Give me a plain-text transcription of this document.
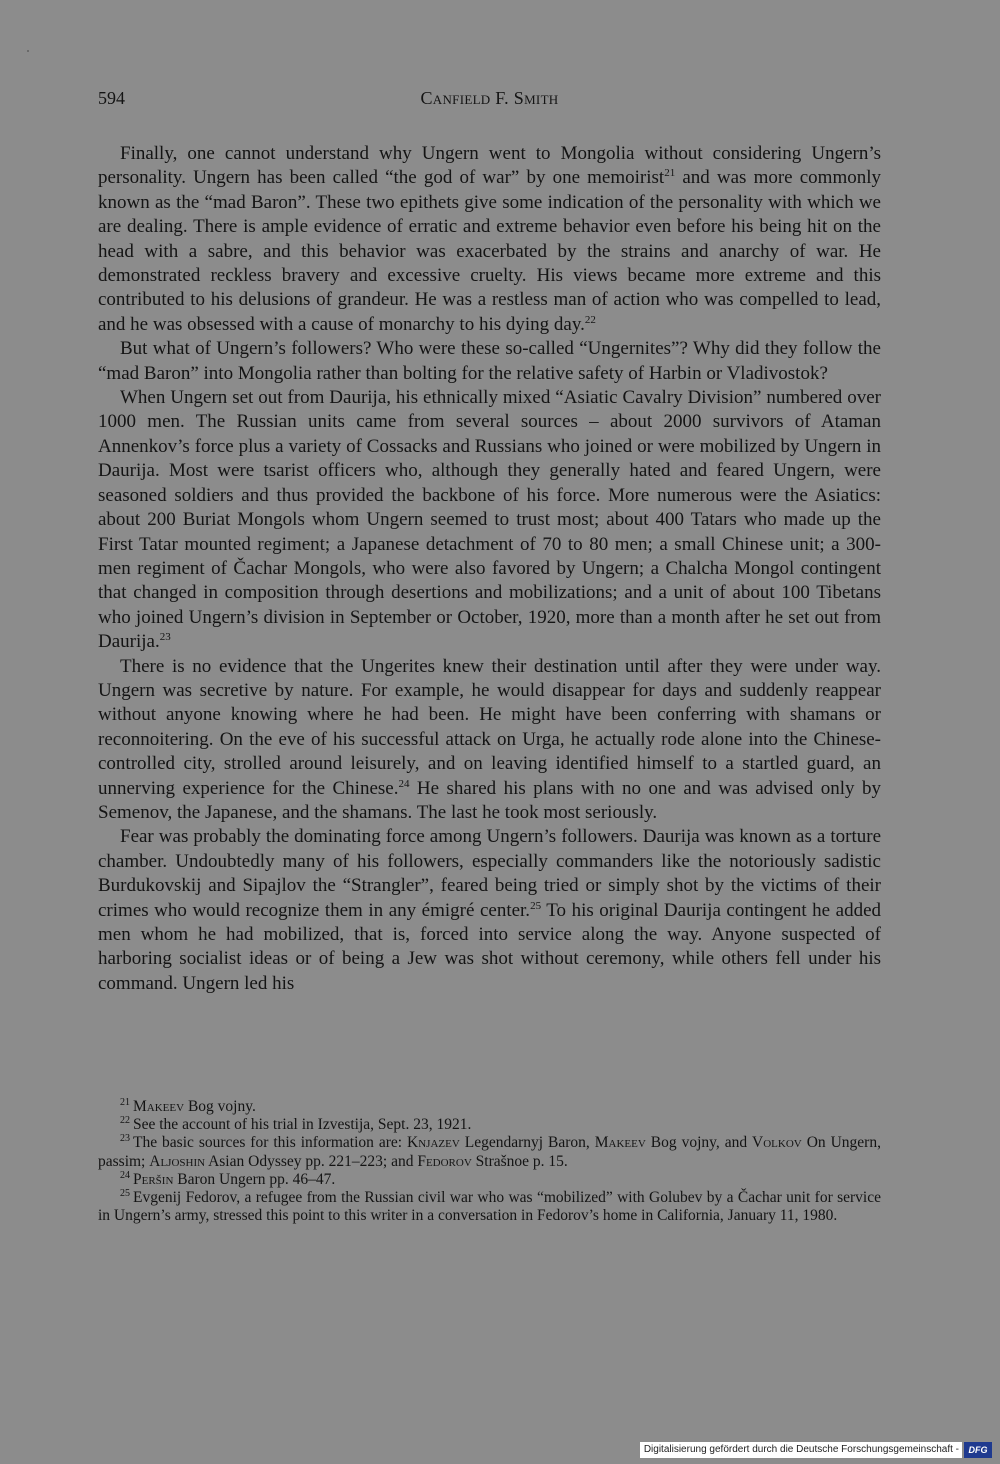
594	Canfield F. Smith

Finally, one cannot understand why Ungern went to Mongolia without considering Ungern’s personality. Ungern has been called “the god of war” by one memoirist$^{21}$ and was more commonly known as the “mad Baron”. These two epithets give some indication of the personality with which we are dealing. There is ample evidence of erratic and extreme behavior even before his being hit on the head with a sabre, and this behavior was exacerbated by the strains and anarchy of war. He demonstrated reckless bravery and excessive cruelty. His views became more extreme and this contributed to his delusions of grandeur. He was a restless man of action who was compelled to lead, and he was obsessed with a cause of monarchy to his dying day.$^{22}$

But what of Ungern’s followers? Who were these so-called “Ungernites”? Why did they follow the “mad Baron” into Mongolia rather than bolting for the relative safety of Harbin or Vladivostok?

When Ungern set out from Daurija, his ethnically mixed “Asiatic Cavalry Division” numbered over 1000 men. The Russian units came from several sources – about 2000 survivors of Ataman Annenkov’s force plus a variety of Cossacks and Russians who joined or were mobilized by Ungern in Daurija. Most were tsarist officers who, although they generally hated and feared Ungern, were seasoned soldiers and thus provided the backbone of his force. More numerous were the Asiatics: about 200 Buriat Mongols whom Ungern seemed to trust most; about 400 Tatars who made up the First Tatar mounted regiment; a Japanese detachment of 70 to 80 men; a small Chinese unit; a 300-men regiment of Čachar Mongols, who were also favored by Ungern; a Chalcha Mongol contingent that changed in composition through desertions and mobilizations; and a unit of about 100 Tibetans who joined Ungern’s division in September or October, 1920, more than a month after he set out from Daurija.$^{23}$

There is no evidence that the Ungerites knew their destination until after they were under way. Ungern was secretive by nature. For example, he would disappear for days and suddenly reappear without anyone knowing where he had been. He might have been conferring with shamans or reconnoitering. On the eve of his successful attack on Urga, he actually rode alone into the Chinese-controlled city, strolled around leisurely, and on leaving identified himself to a startled guard, an unnerving experience for the Chinese.$^{24}$ He shared his plans with no one and was advised only by Semenov, the Japanese, and the shamans. The last he took most seriously.

Fear was probably the dominating force among Ungern’s followers. Daurija was known as a torture chamber. Undoubtedly many of his followers, especially commanders like the notoriously sadistic Burdukovskij and Sipajlov the “Strangler”, feared being tried or simply shot by the victims of their crimes who would recognize them in any émigré center.$^{25}$ To his original Daurija contingent he added men whom he had mobilized, that is, forced into service along the way. Anyone suspected of harboring socialist ideas or of being a Jew was shot without ceremony, while others fell under his command. Ungern led his

$^{21}$ Makeev Bog vojny.

$^{22}$ See the account of his trial in Izvestija, Sept. 23, 1921.

$^{23}$ The basic sources for this information are: Knjazev Legendarnyj Baron, Makeev Bog vojny, and Volkov On Ungern, passim; Aljoshin Asian Odyssey pp. 221–223; and Fedorov Strašnoe p. 15.

$^{24}$ Peršin Baron Ungern pp. 46–47.

$^{25}$ Evgenij Fedorov, a refugee from the Russian civil war who was “mobilized” with Golubev by a Čachar unit for service in Ungern’s army, stressed this point to this writer in a conversation in Fedorov’s home in California, January 11, 1980.

Digitalisierung gefördert durch die Deutsche Forschungsgemeinschaft -	DFG
